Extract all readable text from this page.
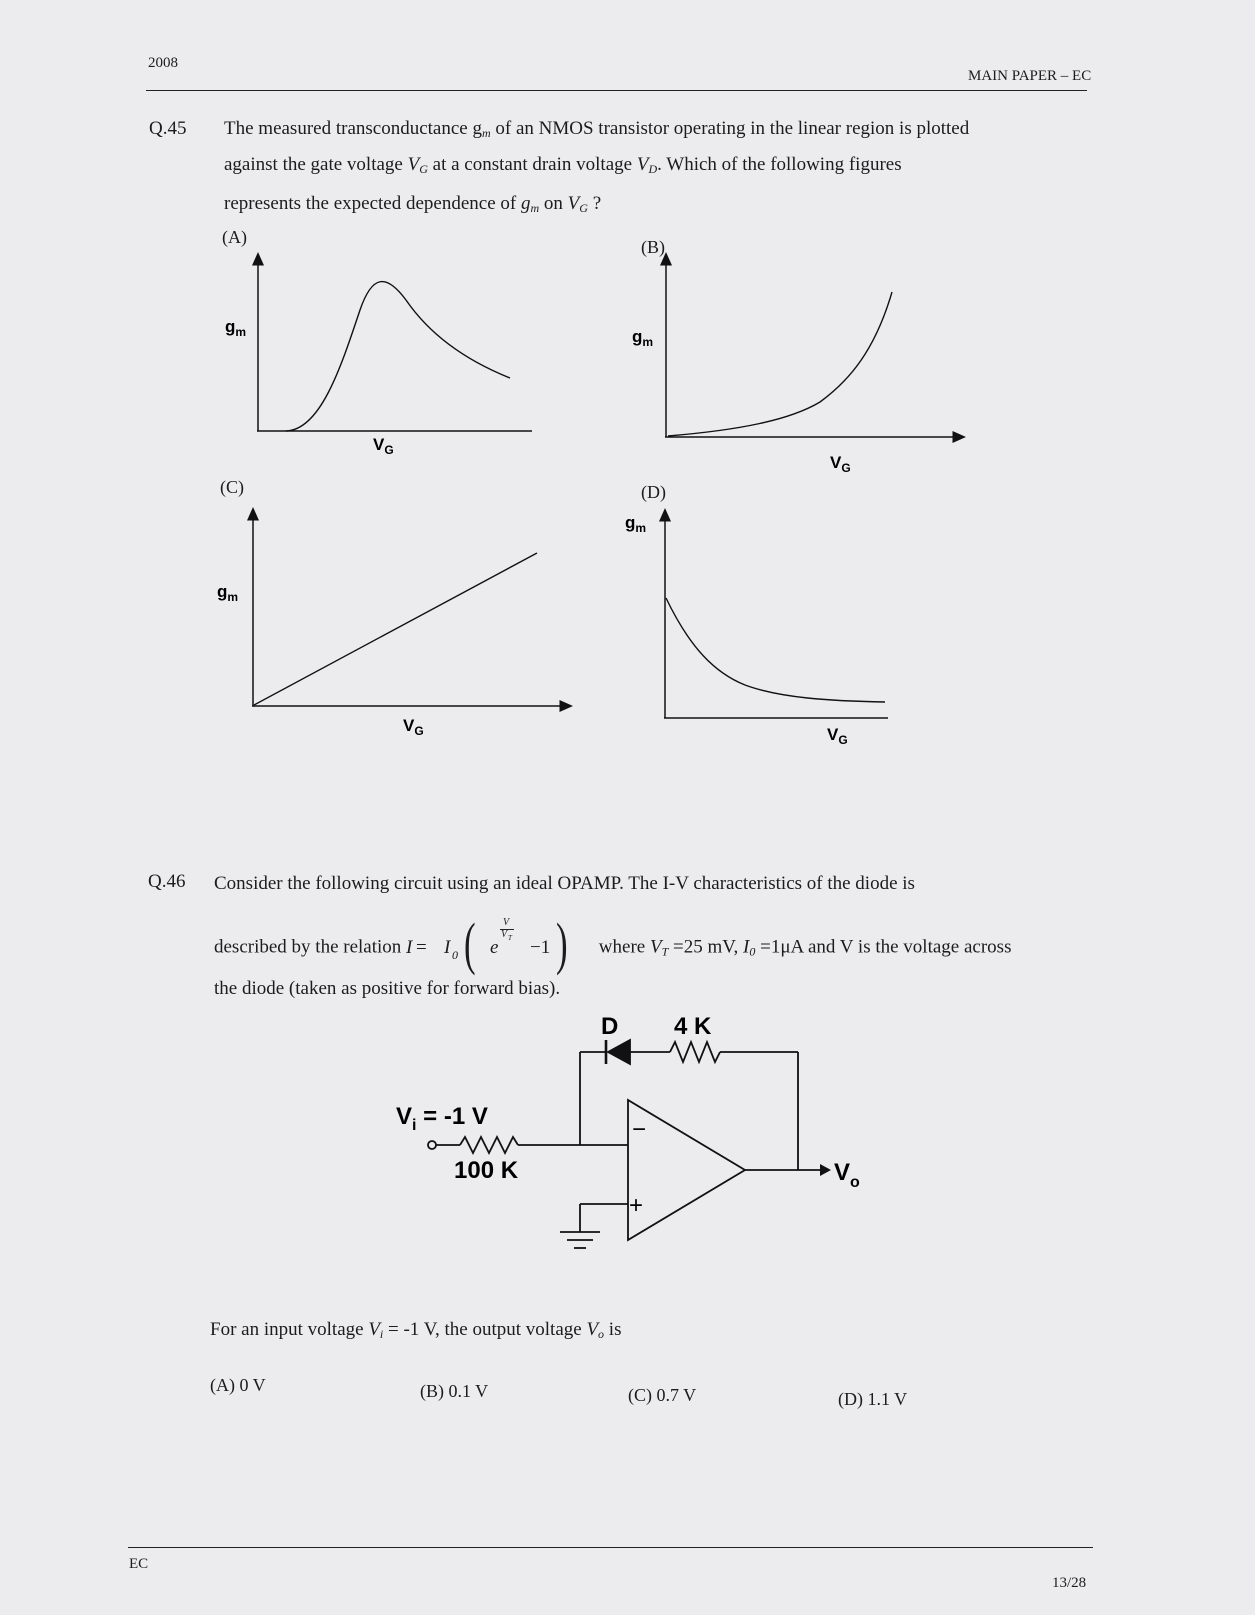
2008
MAIN PAPER – EC
Q.45 The measured transconductance $g_m$ of an NMOS transistor operating in the linear region is plotted
against the gate voltage $V_G$ at a constant drain voltage $V_D$. Which of the following figures
represents the expected dependence of $g_m$ on $V_G$ ?
(A)	(B)
(C)	(D)
$g_m$
$V_G$
$g_m$
$V_G$
$g_m$
$V_G$
$g_m$
$V_G$
Q.46 Consider the following circuit using an ideal OPAMP. The I-V characteristics of the diode is
described by the relation I = I 0 ( e
V
V T −1 ) where $V_T =25$ mV, $I_0 =1\mu A$ and V is the voltage across
the diode (taken as positive for forward bias).
D 4 K
$V_i = -1$ V
100 K
−
+
$V_o$
For an input voltage $V_i = -1$ V, the output voltage $V_o$ is
(A) 0 V	(B) 0.1 V	(C) 0.7 V	(D) 1.1 V
EC
13/28
